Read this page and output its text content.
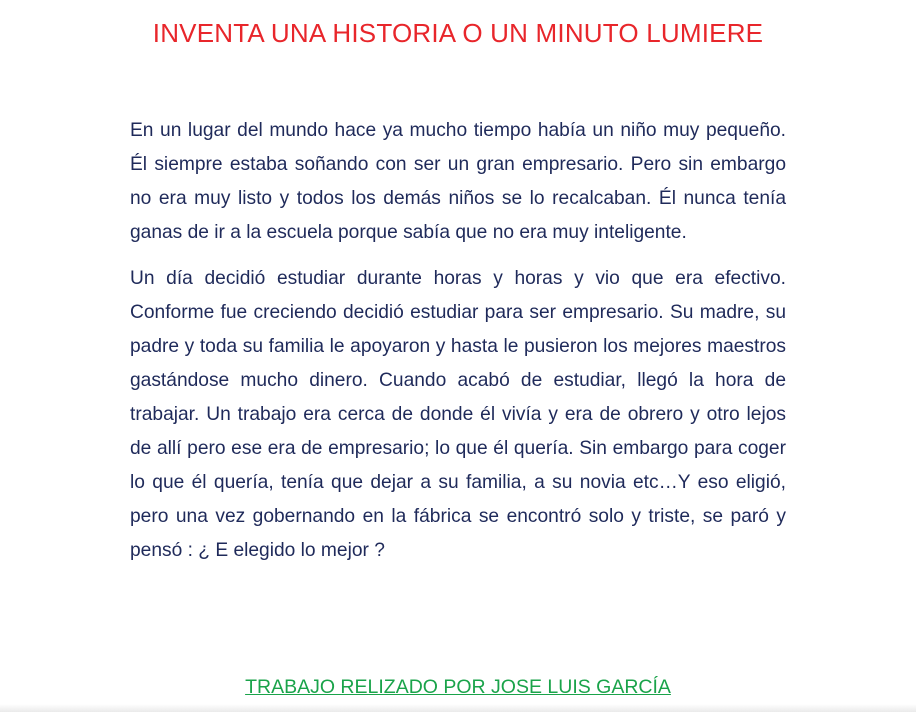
INVENTA UNA HISTORIA O UN MINUTO LUMIERE

En un lugar del mundo hace ya mucho tiempo había un niño muy pequeño. Él siempre estaba soñando con ser un gran empresario. Pero sin embargo no era muy listo y todos los demás niños se lo recalcaban. Él nunca tenía ganas de ir a la escuela porque sabía que no era muy inteligente.

Un día decidió estudiar durante horas y horas y vio que era efectivo. Conforme fue creciendo decidió estudiar para ser empresario. Su madre, su padre y toda su familia le apoyaron y hasta le pusieron los mejores maestros gastándose mucho dinero. Cuando acabó de estudiar, llegó la hora de trabajar. Un trabajo era cerca de donde él vivía y era de obrero y otro lejos de allí pero ese era de empresario; lo que él quería. Sin embargo para coger lo que él quería, tenía que dejar a su familia, a su novia etc…Y eso eligió, pero una vez gobernando en la fábrica se encontró solo y triste, se paró y pensó : ¿ E elegido lo mejor ?

TRABAJO RELIZADO POR JOSE LUIS GARCÍA
